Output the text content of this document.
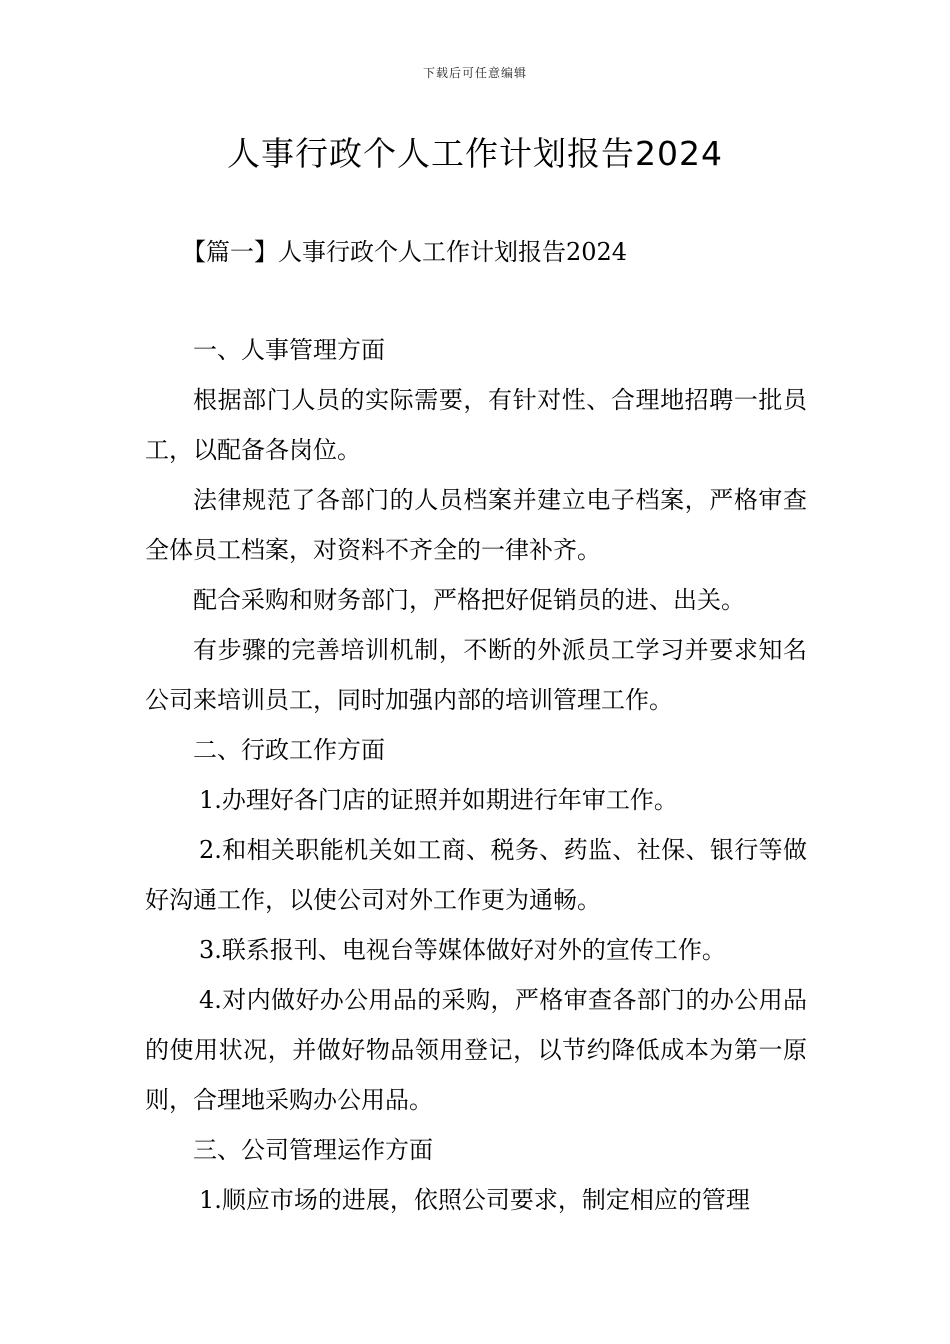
下载后可任意编辑
人事行政个人工作计划报告2024
【篇一】人事行政个人工作计划报告2024

一、人事管理方面

根据部门人员的实际需要，有针对性、合理地招聘一批员工，以配备各岗位。

法律规范了各部门的人员档案并建立电子档案，严格审查全体员工档案，对资料不齐全的一律补齐。

配合采购和财务部门，严格把好促销员的进、出关。

有步骤的完善培训机制，不断的外派员工学习并要求知名公司来培训员工，同时加强内部的培训管理工作。

二、行政工作方面

1.办理好各门店的证照并如期进行年审工作。

2.和相关职能机关如工商、税务、药监、社保、银行等做好沟通工作，以使公司对外工作更为通畅。

3.联系报刊、电视台等媒体做好对外的宣传工作。

4.对内做好办公用品的采购，严格审查各部门的办公用品的使用状况，并做好物品领用登记，以节约降低成本为第一原则，合理地采购办公用品。

三、公司管理运作方面

1.顺应市场的进展，依照公司要求，制定相应的管理
